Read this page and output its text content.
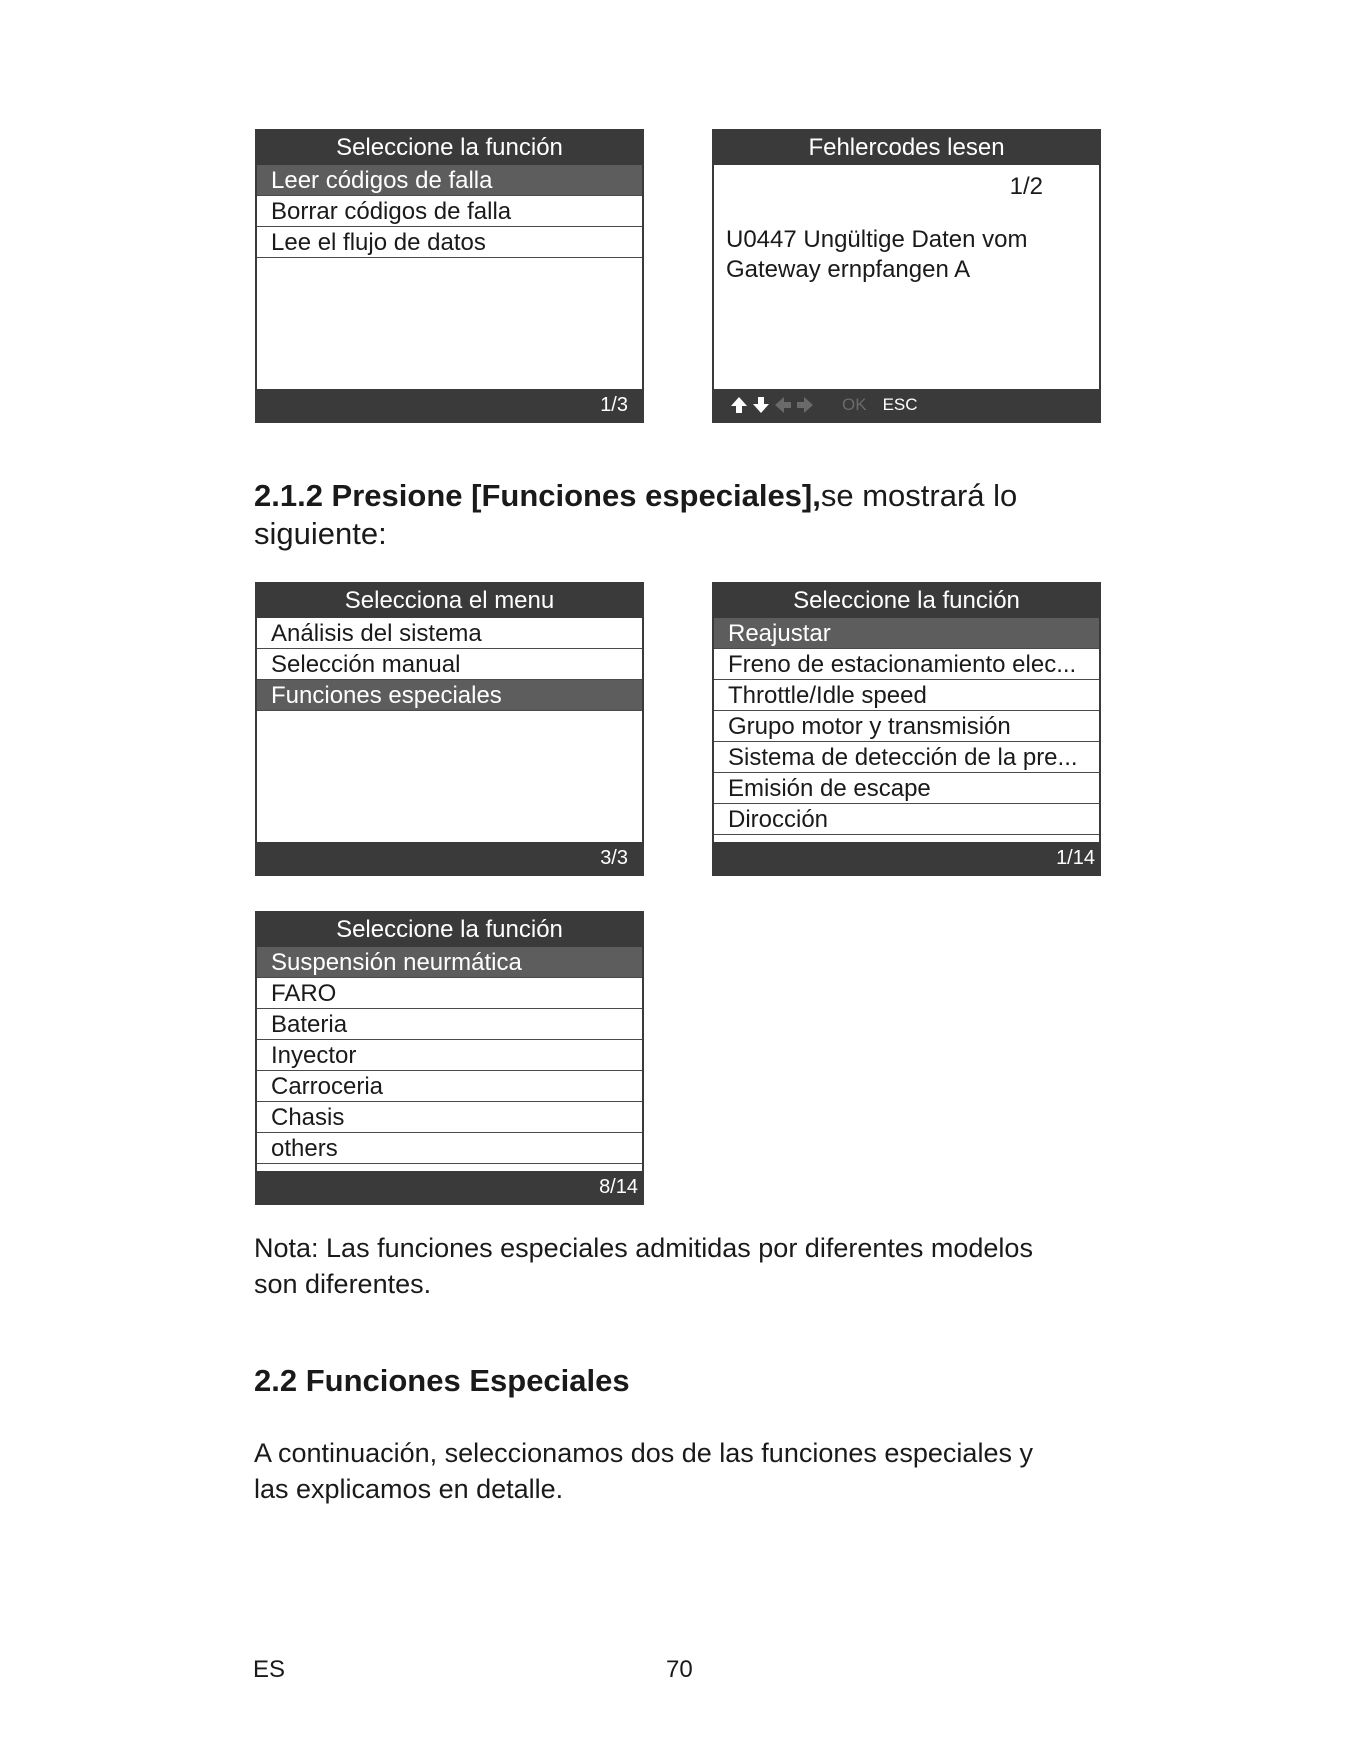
Seleccione la función
Leer códigos de falla
Borrar códigos de falla
Lee el flujo de datos
1/3
Fehlercodes lesen
1/2
U0447 Ungültige Daten vom
Gateway ernpfangen A
OK ESC
2.1.2 Presione [Funciones especiales],se mostrará lo
siguiente:
Selecciona el menu
Análisis del sistema
Selección manual
Funciones especiales
3/3
Seleccione la función
Reajustar
Freno de estacionamiento elec...
Throttle/Idle speed
Grupo motor y transmisión
Sistema de detección de la pre...
Emisión de escape
Dirocción
1/14
Seleccione la función
Suspensión neurmática
FARO
Bateria
Inyector
Carroceria
Chasis
others
8/14
Nota: Las funciones especiales admitidas por diferentes modelos
son diferentes.
2.2 Funciones Especiales
A continuación, seleccionamos dos de las funciones especiales y
las explicamos en detalle.
ES	70
